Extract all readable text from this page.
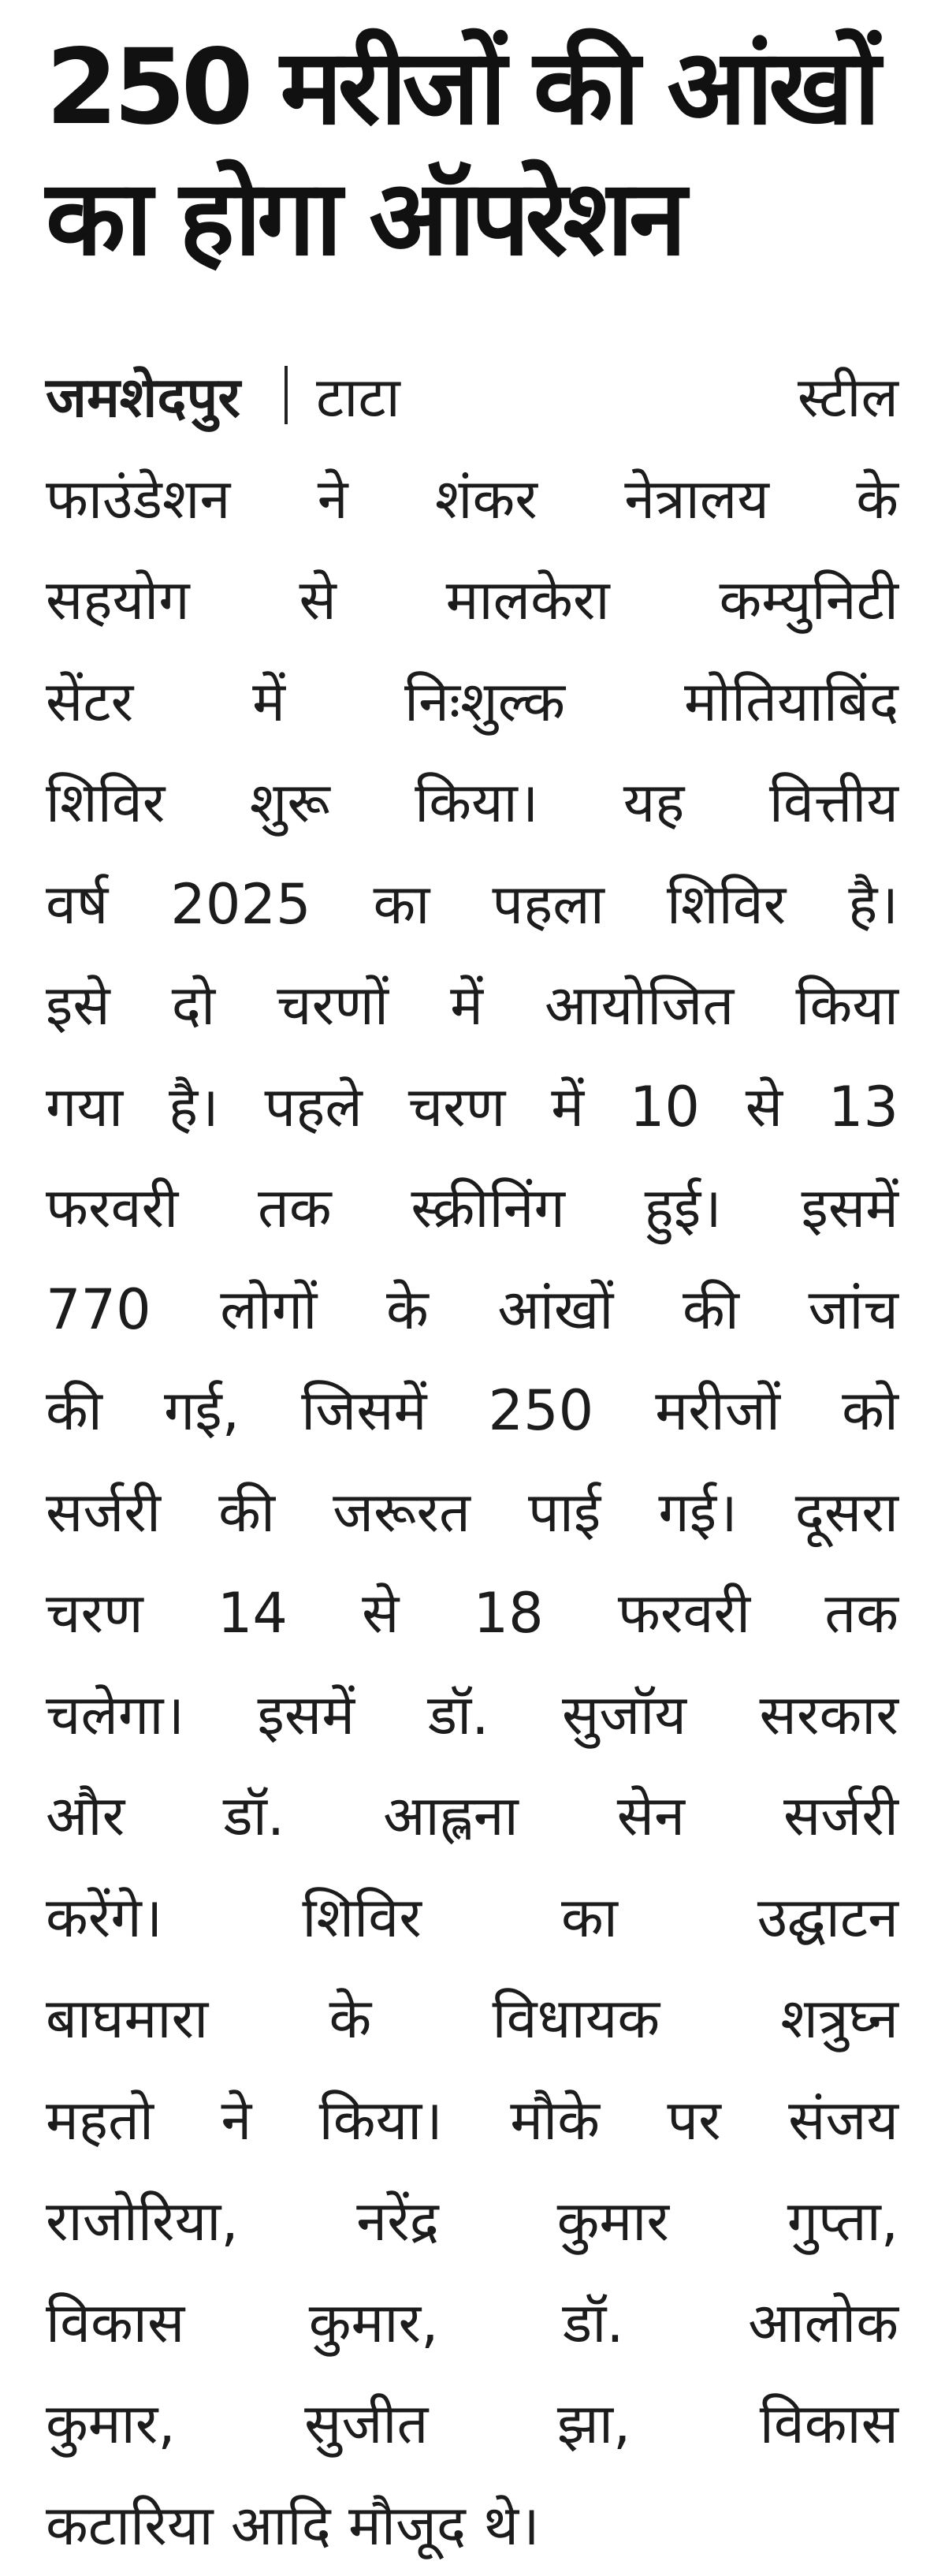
250 मरीजों की आंखों
का होगा ऑपरेशन
जमशेदपुर टाटा स्टील
फाउंडेशन ने शंकर नेत्रालय के
सहयोग से मालकेरा कम्युनिटी
सेंटर में निःशुल्क मोतियाबिंद
शिविर शुरू किया। यह वित्तीय
वर्ष 2025 का पहला शिविर है।
इसे दो चरणों में आयोजित किया
गया है। पहले चरण में 10 से 13
फरवरी तक स्क्रीनिंग हुई। इसमें
770 लोगों के आंखों की जांच
की गई, जिसमें 250 मरीजों को
सर्जरी की जरूरत पाई गई। दूसरा
चरण 14 से 18 फरवरी तक
चलेगा। इसमें डॉ. सुजॉय सरकार
और डॉ. आह्लना सेन सर्जरी
करेंगे। शिविर का उद्घाटन
बाघमारा के विधायक शत्रुघ्न
महतो ने किया। मौके पर संजय
राजोरिया, नरेंद्र कुमार गुप्ता,
विकास कुमार, डॉ. आलोक
कुमार, सुजीत झा, विकास
कटारिया आदि मौजूद थे।
